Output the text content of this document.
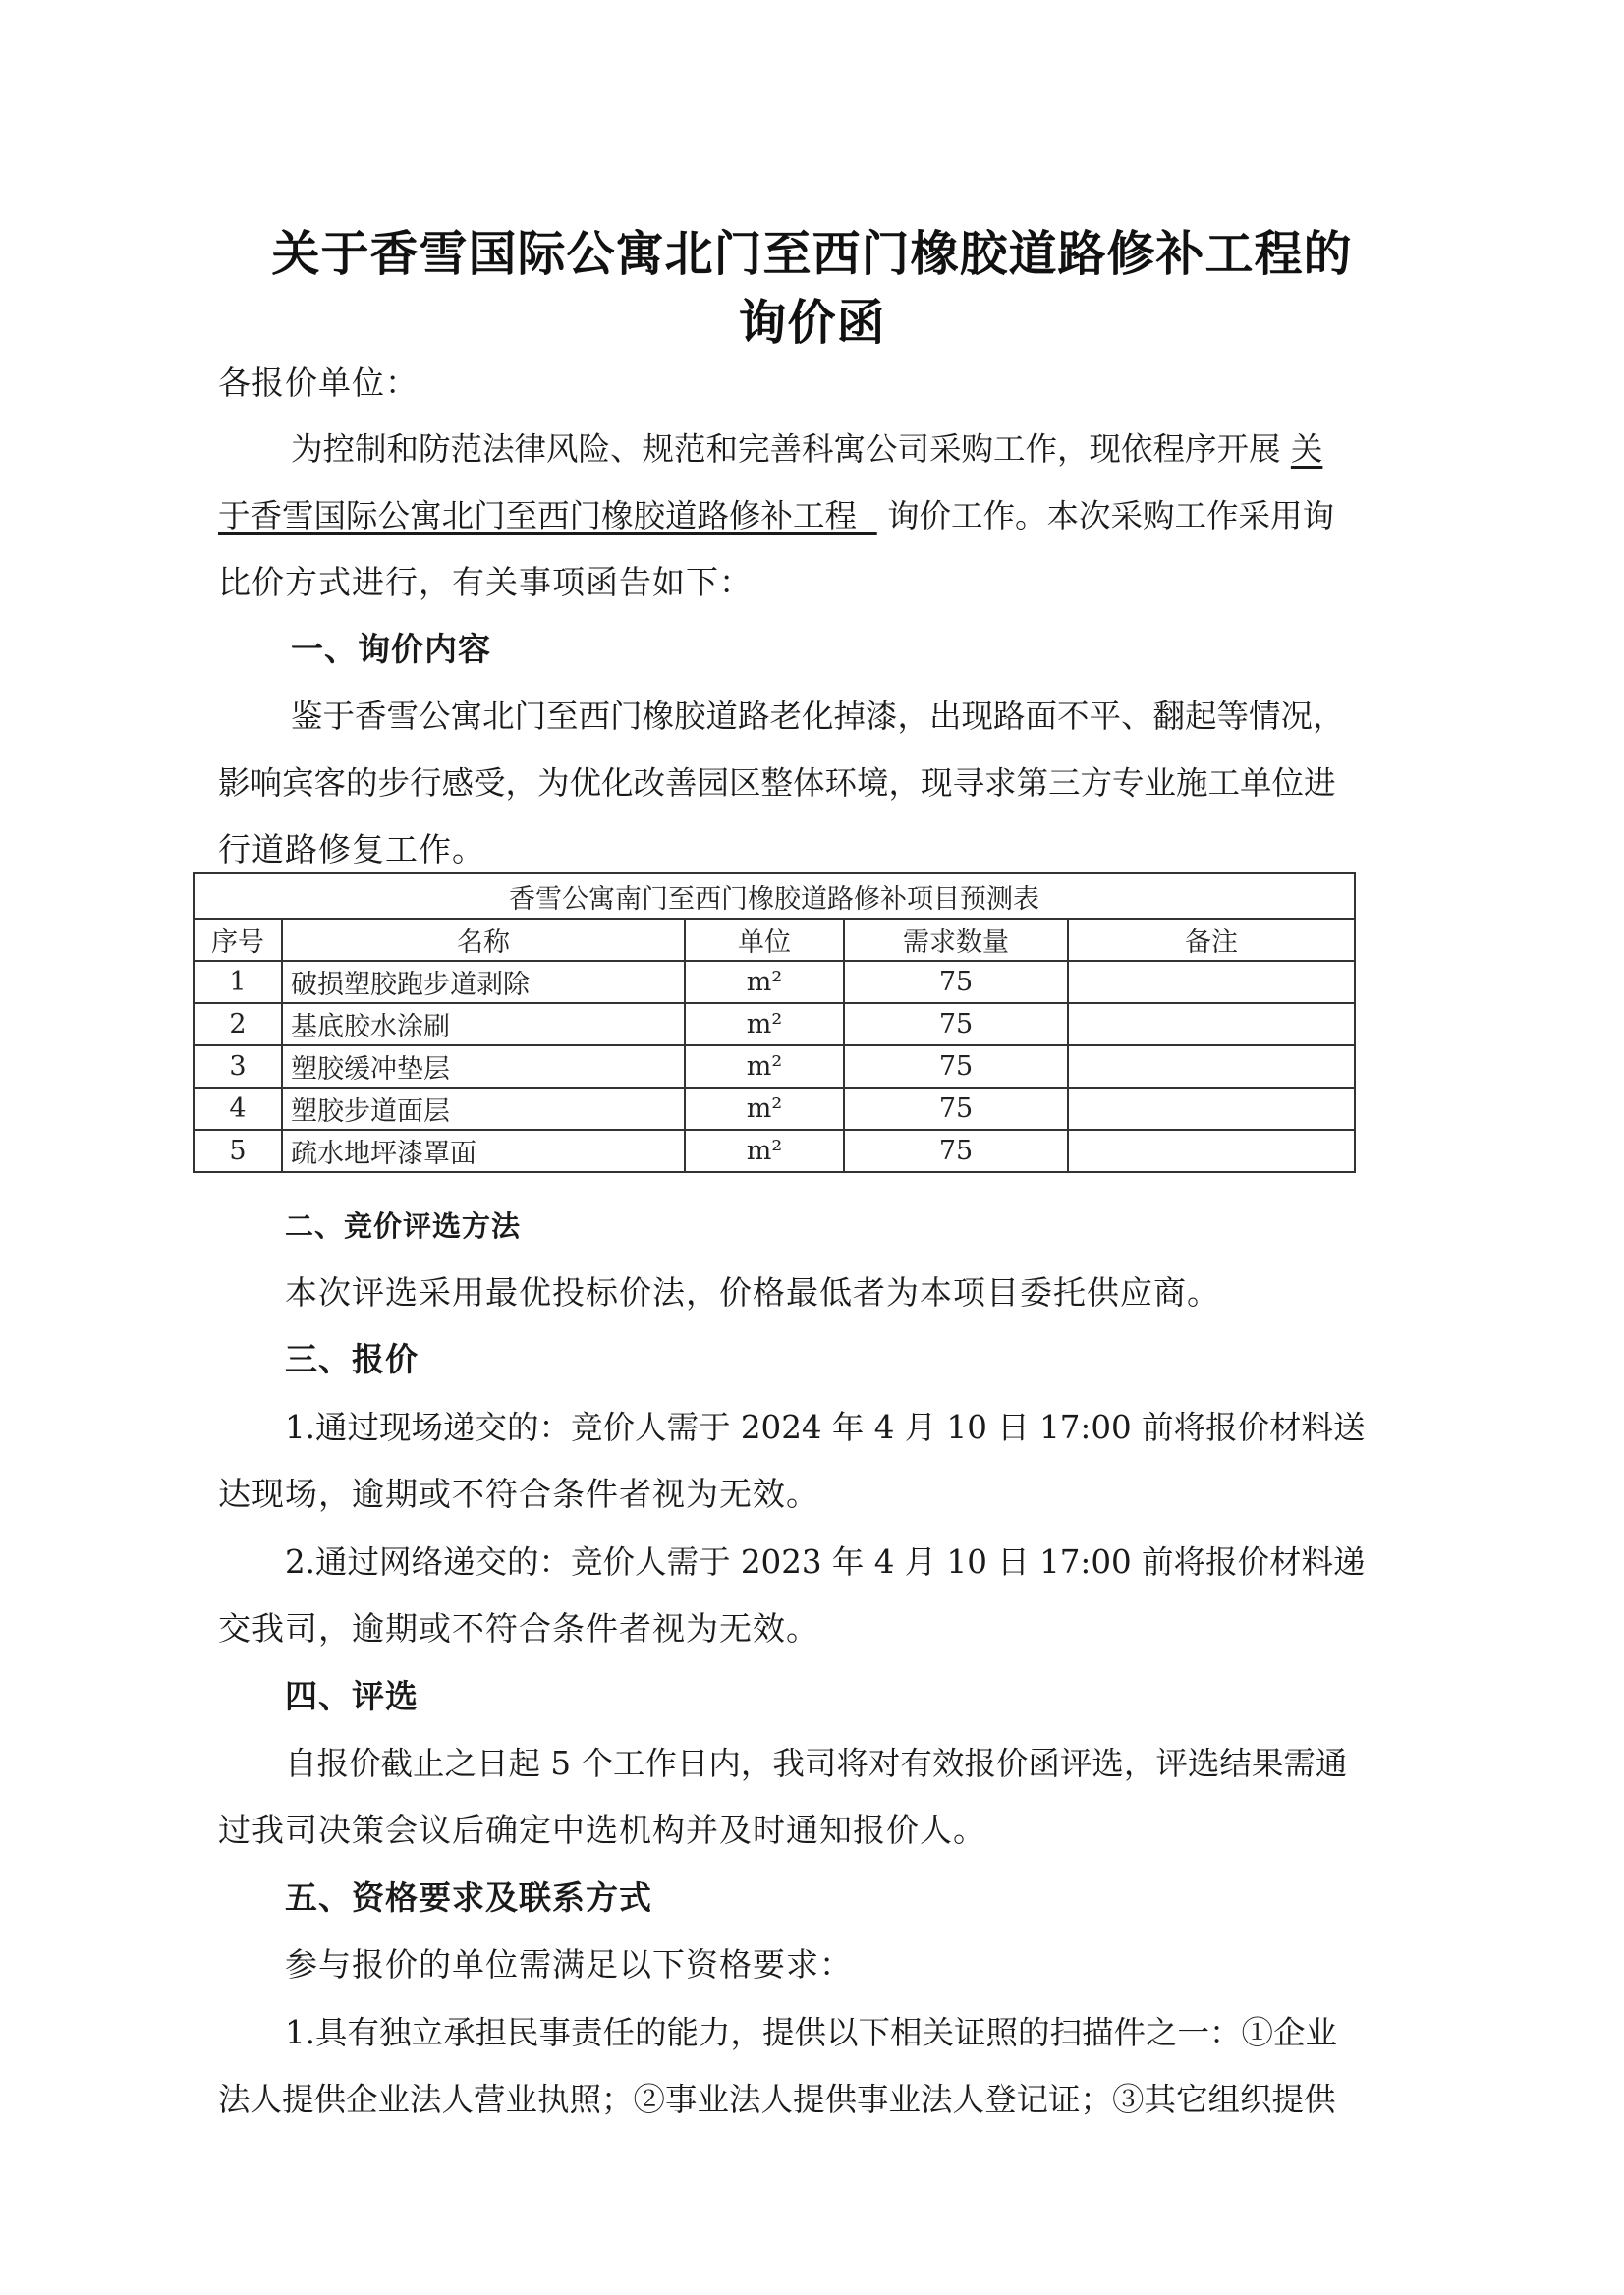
关于香雪国际公寓北门至西门橡胶道路修补工程的
询价函
各报价单位：
为控制和防范法律风险、规范和完善科寓公司采购工作，现依程序开展 关
于香雪国际公寓北门至西门橡胶道路修补工程 询价工作。本次采购工作采用询
比价方式进行，有关事项函告如下：
一、询价内容
鉴于香雪公寓北门至西门橡胶道路老化掉漆，出现路面不平、翻起等情况，
影响宾客的步行感受，为优化改善园区整体环境，现寻求第三方专业施工单位进
行道路修复工作。
香雪公寓南门至西门橡胶道路修补项目预测表				
序号	名称	单位	需求数量	备注
1	破损塑胶跑步道剥除	m²	75	
2	基底胶水涂刷	m²	75	
3	塑胶缓冲垫层	m²	75	
4	塑胶步道面层	m²	75	
5	疏水地坪漆罩面	m²	75	
二、竞价评选方法
本次评选采用最优投标价法，价格最低者为本项目委托供应商。
三、报价
1.通过现场递交的：竞价人需于 2024 年 4 月 10 日 17:00 前将报价材料送
达现场，逾期或不符合条件者视为无效。
2.通过网络递交的：竞价人需于 2023 年 4 月 10 日 17:00 前将报价材料递
交我司，逾期或不符合条件者视为无效。
四、评选
自报价截止之日起 5 个工作日内，我司将对有效报价函评选，评选结果需通
过我司决策会议后确定中选机构并及时通知报价人。
五、资格要求及联系方式
参与报价的单位需满足以下资格要求：
1.具有独立承担民事责任的能力，提供以下相关证照的扫描件之一：①企业
法人提供企业法人营业执照；②事业法人提供事业法人登记证；③其它组织提供
